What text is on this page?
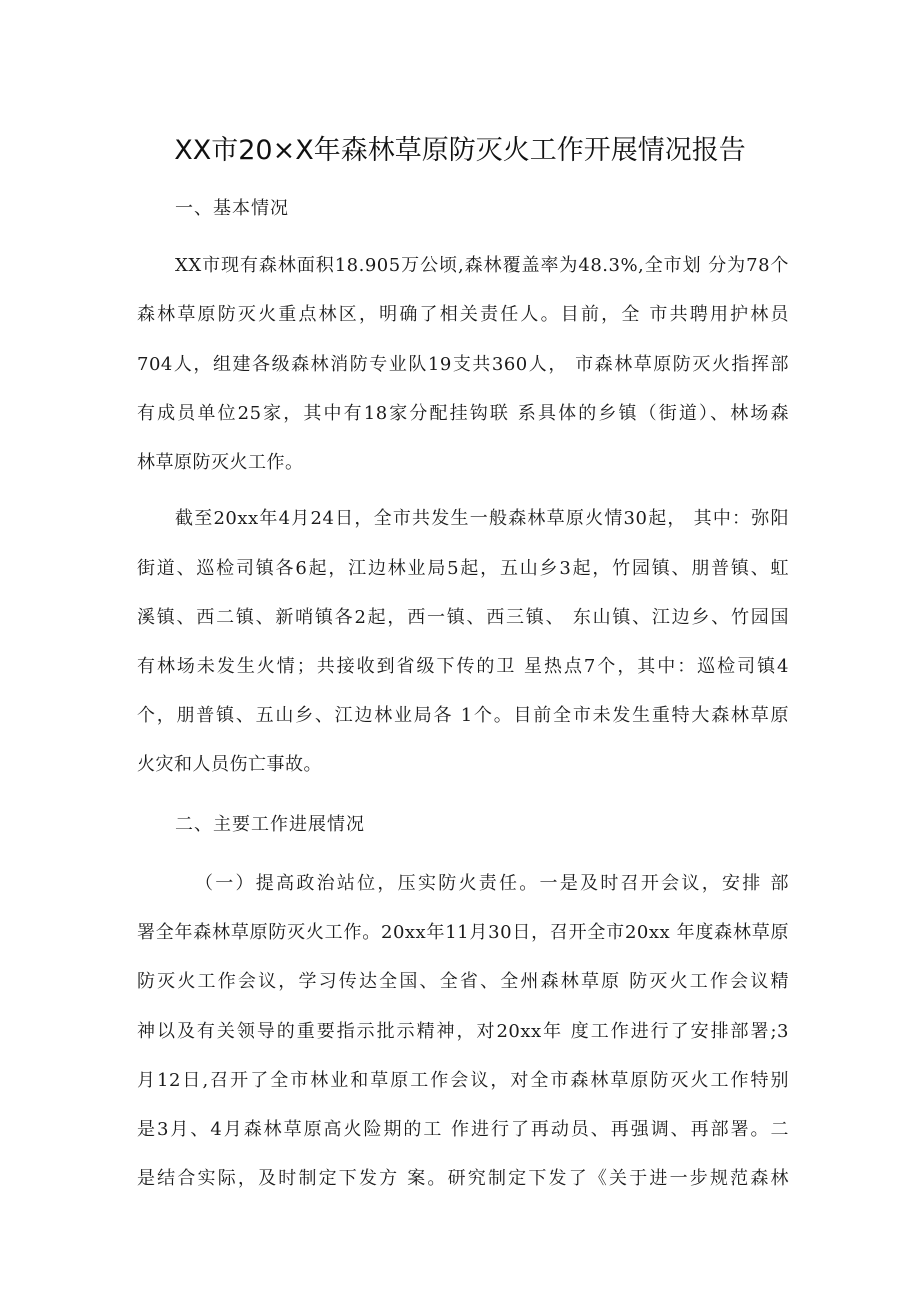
XX市20×X年森林草原防灭火工作开展情况报告
一、基本情况
XX市现有森林面积18.905万公顷,森林覆盖率为48.3%,全市划 分为78个
森林草原防灭火重点林区，明确了相关责任人。目前，全 市共聘用护林员
704人，组建各级森林消防专业队19支共360人， 市森林草原防灭火指挥部
有成员单位25家，其中有18家分配挂钩联 系具体的乡镇（街道）、林场森
林草原防灭火工作。
截至20xx年4月24日，全市共发生一般森林草原火情30起， 其中：弥阳
街道、巡检司镇各6起，江边林业局5起，五山乡3起，竹园镇、朋普镇、虹
溪镇、西二镇、新哨镇各2起，西一镇、西三镇、 东山镇、江边乡、竹园国
有林场未发生火情；共接收到省级下传的卫 星热点7个，其中：巡检司镇4
个，朋普镇、五山乡、江边林业局各 1个。目前全市未发生重特大森林草原
火灾和人员伤亡事故。
二、主要工作进展情况
（一）提高政治站位，压实防火责任。一是及时召开会议，安排 部
署全年森林草原防灭火工作。20xx年11月30日，召开全市20xx 年度森林草原
防灭火工作会议，学习传达全国、全省、全州森林草原 防灭火工作会议精
神以及有关领导的重要指示批示精神，对20xx年 度工作进行了安排部署;3
月12日,召开了全市林业和草原工作会议，对全市森林草原防灭火工作特别
是3月、4月森林草原高火险期的工 作进行了再动员、再强调、再部署。二
是结合实际，及时制定下发方 案。研究制定下发了《关于进一步规范森林
